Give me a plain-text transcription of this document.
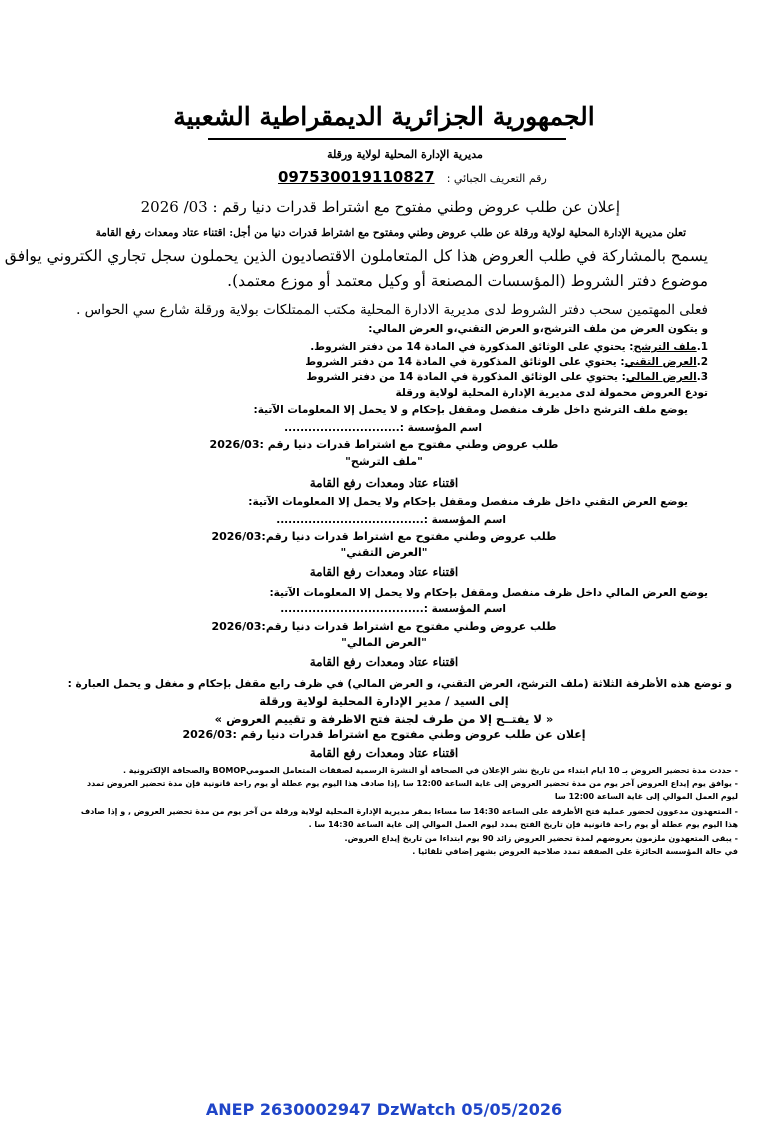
الجمهورية الجزائرية الديمقراطية الشعبية
مديرية الإدارة المحلية لولاية ورقلة
097530019110827 رقم التعريف الجبائي :
إعلان عن طلب عروض وطني مفتوح مع اشتراط قدرات دنيا رقم : 03/ 2026
تعلن مديرية الإدارة المحلية لولاية ورقلة عن طلب عروض وطني ومفتوح مع اشتراط قدرات دنيا من أجل: اقتناء عتاد ومعدات رفع القامة
يسمح بالمشاركة في طلب العروض هذا كل المتعاملون الاقتصاديون الذين يحملون سجل تجاري الكتروني يوافق
موضوع دفتر الشروط (المؤسسات المصنعة أو وكيل معتمد أو موزع معتمد).
فعلى المهتمين سحب دفتر الشروط لدى مديرية الادارة المحلية مكتب الممتلكات بولاية ورقلة شارع سي الحواس .
و يتكون العرض من ملف الترشح،و العرض التقني،و العرض المالي:
1.ملف الترشح: يحتوي على الوثائق المذكورة في المادة 14 من دفتر الشروط.
2.العرض التقني: يحتوي على الوثائق المذكورة في المادة 14 من دفتر الشروط
3.العرض المالي: يحتوي على الوثائق المذكورة في المادة 14 من دفتر الشروط
تودع العروض محمولة لدى مديرية الإدارة المحلية لولاية ورقلة
يوضع ملف الترشح داخل ظرف منفصل ومقفل بإحكام و لا يحمل إلا المعلومات الآتية:
اسم المؤسسة :.............................
طلب عروض وطني مفتوح مع اشتراط قدرات دنيا رقم :2026/03
"ملف الترشح"
اقتناء عتاد ومعدات رفع القامة
يوضع العرض التقني داخل ظرف منفصل ومقفل بإحكام ولا يحمل إلا المعلومات الآتية:
اسم المؤسسة :.....................................
طلب عروض وطني مفتوح مع اشتراط قدرات دنيا رقم:2026/03
"العرض التقني"
اقتناء عتاد ومعدات رفع القامة
يوضع العرض المالي داخل ظرف منفصل ومقفل بإحكام ولا يحمل إلا المعلومات الآتية:
اسم المؤسسة :....................................
طلب عروض وطني مفتوح مع اشتراط قدرات دنيا رقم:2026/03
"العرض المالي"
اقتناء عتاد ومعدات رفع القامة
و توضع هذه الأظرفة الثلاثة (ملف الترشح، العرض التقني، و العرض المالي) في ظرف رابع مقفل بإحكام و مغفل و يحمل العبارة :
إلى السيد / مدير الإدارة المحلية لولاية ورقلة
« لا يفتــح إلا من طرف لجنة فتح الاظرفة و تقييم العروض »
إعلان عن طلب عروض وطني مفتوح مع اشتراط قدرات دنيا رقم :2026/03
اقتناء عتاد ومعدات رفع القامة
- حددت مدة تحضير العروض بـ 10 ايام ابتداء من تاريخ نشر الإعلان في الصحافة أو النشرة الرسمية لصفقات المتعامل العموميBOMOP والصحافة الإلكترونية .
- يوافق يوم إيداع العروض آخر يوم من مدة تحضير العروض إلى غاية الساعة 12:00 سا ,إذا صادف هذا اليوم يوم عطلة أو يوم راحة قانونية فإن مدة تحضير العروض تمدد
ليوم العمل الموالي إلى غاية الساعة 12:00 سا
- المتعهدون مدعوون لحضور عملية فتح الأظرفة على الساعة 14:30 سا مساءا بمقر مديرية الإدارة المحلية لولاية ورقلة من آخر يوم من مدة تحضير العروض , و إذا صادف
هذا اليوم يوم عطلة أو يوم راحة قانونية فإن تاريخ الفتح يمدد ليوم العمل الموالي إلى غاية الساعة 14:30 سا .
- يبقى المتعهدون ملزمون بعروضهم لمدة تحضير العروض زائد 90 يوم ابتداءا من تاريخ إيداع العروض.
في حالة المؤسسة الحائزة على الصفقة تمدد صلاحية العروض بشهر إضافي تلقائيا .
ANEP 2630002947 DzWatch 05/05/2026
